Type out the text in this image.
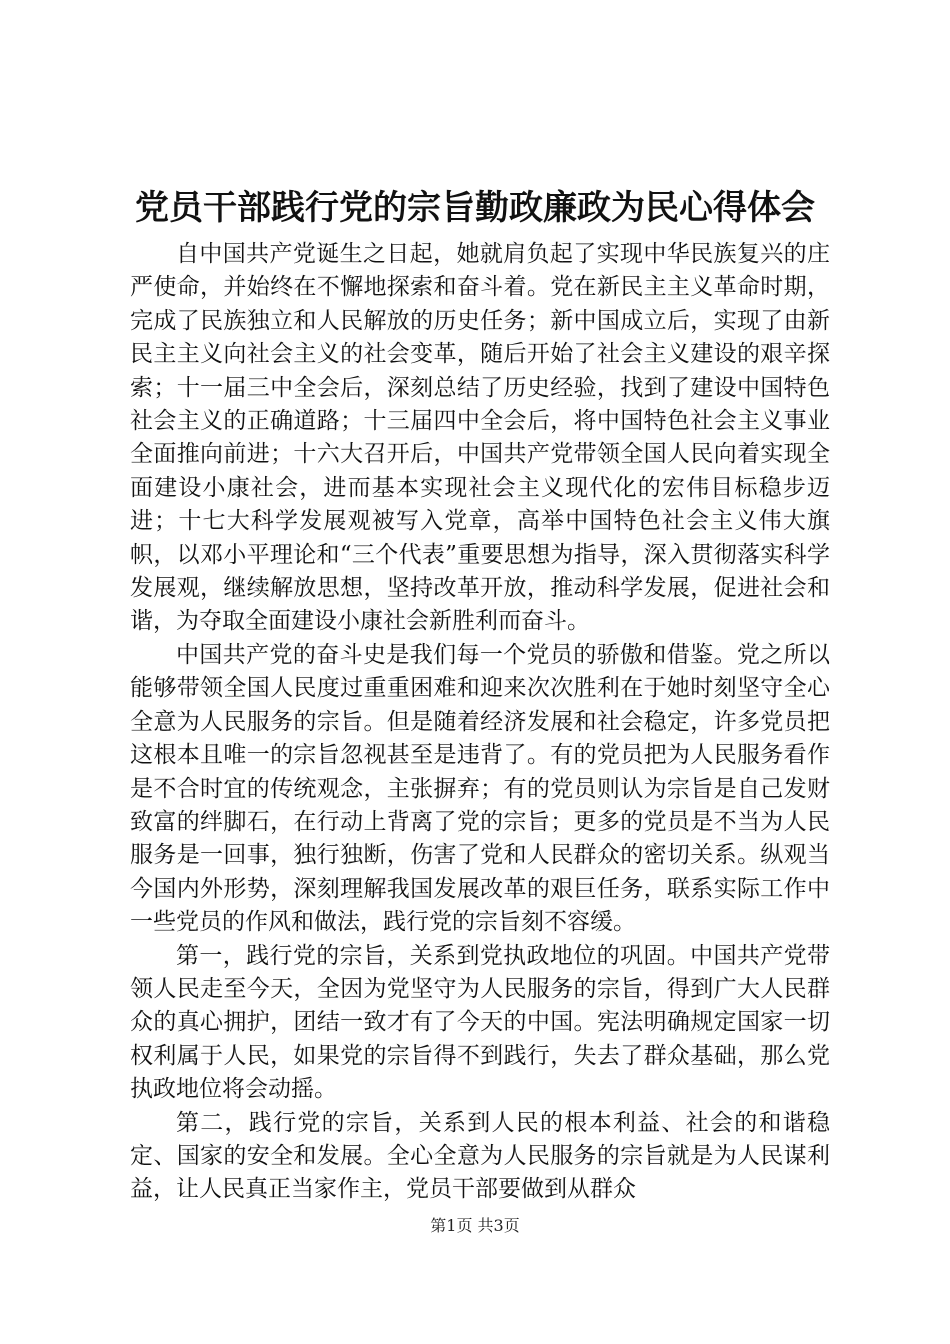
党员干部践行党的宗旨勤政廉政为民心得体会

自中国共产党诞生之日起，她就肩负起了实现中华民族复兴的庄严使命，并始终在不懈地探索和奋斗着。党在新民主主义革命时期，完成了民族独立和人民解放的历史任务；新中国成立后，实现了由新民主主义向社会主义的社会变革，随后开始了社会主义建设的艰辛探索；十一届三中全会后，深刻总结了历史经验，找到了建设中国特色社会主义的正确道路；十三届四中全会后，将中国特色社会主义事业全面推向前进；十六大召开后，中国共产党带领全国人民向着实现全面建设小康社会，进而基本实现社会主义现代化的宏伟目标稳步迈进；十七大科学发展观被写入党章，高举中国特色社会主义伟大旗帜，以邓小平理论和“三个代表”重要思想为指导，深入贯彻落实科学发展观，继续解放思想，坚持改革开放，推动科学发展，促进社会和谐，为夺取全面建设小康社会新胜利而奋斗。

中国共产党的奋斗史是我们每一个党员的骄傲和借鉴。党之所以能够带领全国人民度过重重困难和迎来次次胜利在于她时刻坚守全心全意为人民服务的宗旨。但是随着经济发展和社会稳定，许多党员把这根本且唯一的宗旨忽视甚至是违背了。有的党员把为人民服务看作是不合时宜的传统观念，主张摒弃；有的党员则认为宗旨是自己发财致富的绊脚石，在行动上背离了党的宗旨；更多的党员是不当为人民服务是一回事，独行独断，伤害了党和人民群众的密切关系。纵观当今国内外形势，深刻理解我国发展改革的艰巨任务，联系实际工作中一些党员的作风和做法，践行党的宗旨刻不容缓。

第一，践行党的宗旨，关系到党执政地位的巩固。中国共产党带领人民走至今天，全因为党坚守为人民服务的宗旨，得到广大人民群众的真心拥护，团结一致才有了今天的中国。宪法明确规定国家一切权利属于人民，如果党的宗旨得不到践行，失去了群众基础，那么党执政地位将会动摇。

第二，践行党的宗旨，关系到人民的根本利益、社会的和谐稳定、国家的安全和发展。全心全意为人民服务的宗旨就是为人民谋利益，让人民真正当家作主，党员干部要做到从群众

第1页 共3页
